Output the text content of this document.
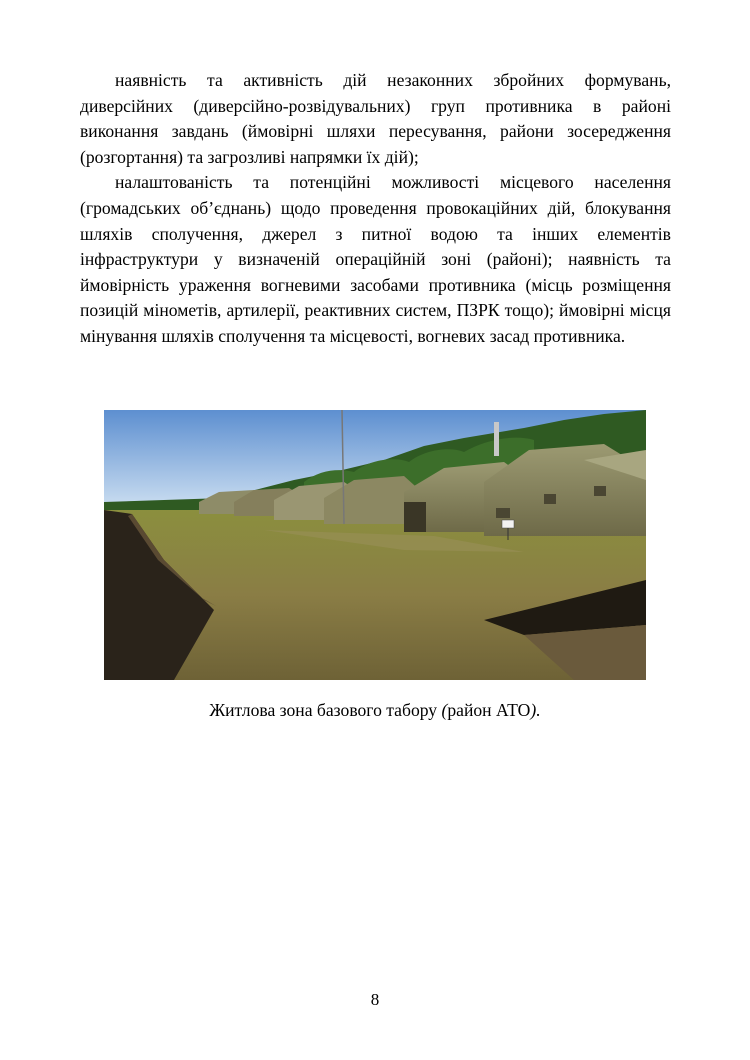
наявність та активність дій незаконних збройних формувань, диверсійних (диверсійно-розвідувальних) груп противника в районі виконання завдань (ймовірні шляхи пересування, райони зосередження (розгортання) та загрозливі напрямки їх дій);

налаштованість та потенційні можливості місцевого населення (громадських об’єднань) щодо проведення провокаційних дій, блокування шляхів сполучення, джерел з питної водою та інших елементів інфраструктури у визначеній операційній зоні (районі); наявність та ймовірність ураження вогневими засобами противника (місць розміщення позицій мінометів, артилерії, реактивних систем, ПЗРК тощо); ймовірні місця мінування шляхів сполучення та місцевості, вогневих засад противника.

Житлова зона базового табору (район АТО).
8
